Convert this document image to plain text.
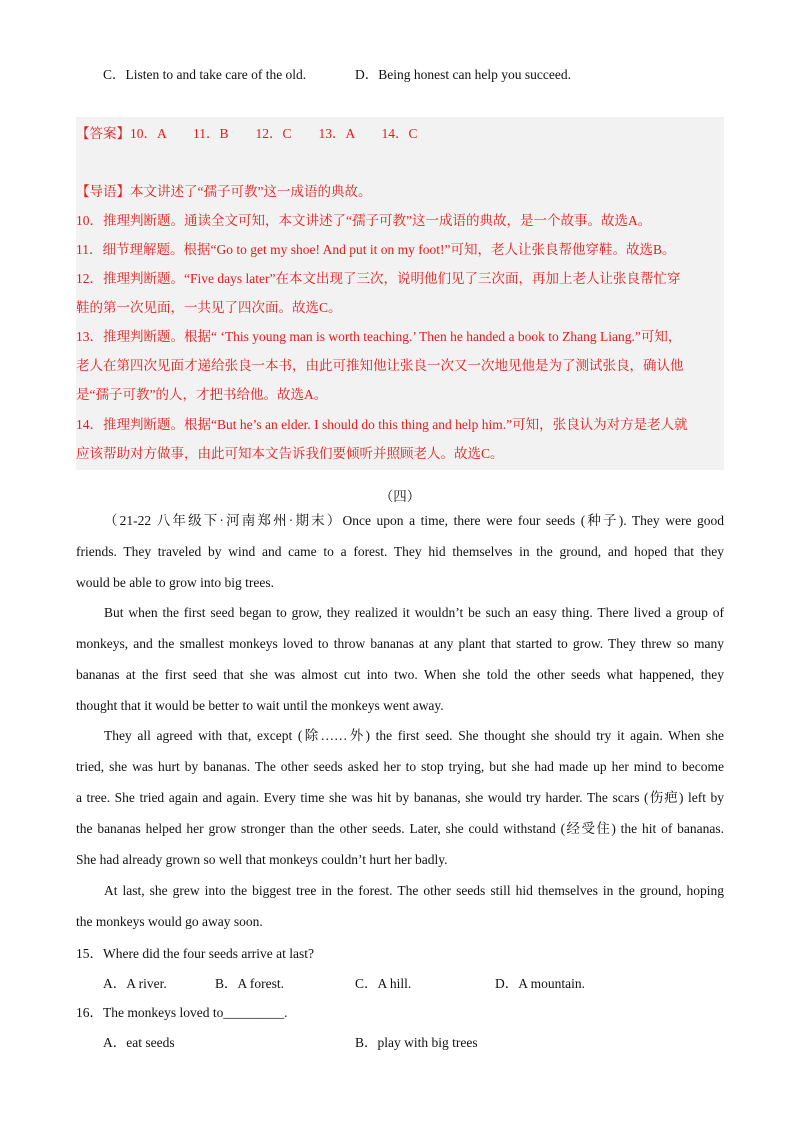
C．Listen to and take care of the old.	D．Being honest can help you succeed.
【答案】10．A　　11．B　　12．C　　13．A　　14．C
【导语】本文讲述了“孺子可教”这一成语的典故。
10．推理判断题。通读全文可知，本文讲述了“孺子可教”这一成语的典故，是一个故事。故选A。
11．细节理解题。根据“Go to get my shoe! And put it on my foot!”可知，老人让张良帮他穿鞋。故选B。
12．推理判断题。“Five days later”在本文出现了三次，说明他们见了三次面，再加上老人让张良帮忙穿
鞋的第一次见面，一共见了四次面。故选C。
13．推理判断题。根据“ ‘This young man is worth teaching.’ Then he handed a book to Zhang Liang.”可知，
老人在第四次见面才递给张良一本书，由此可推知他让张良一次又一次地见他是为了测试张良，确认他
是“孺子可教”的人，才把书给他。故选A。
14．推理判断题。根据“But he’s an elder. I should do this thing and help him.”可知，张良认为对方是老人就
应该帮助对方做事，由此可知本文告诉我们要倾听并照顾老人。故选C。
（四）
（21-22 八年级下·河南郑州·期末）Once upon a time, there were four seeds (种子). They were good
friends. They traveled by wind and came to a forest. They hid themselves in the ground, and hoped that they
would be able to grow into big trees.
But when the first seed began to grow, they realized it wouldn’t be such an easy thing. There lived a group of
monkeys, and the smallest monkeys loved to throw bananas at any plant that started to grow. They threw so many
bananas at the first seed that she was almost cut into two. When she told the other seeds what happened, they
thought that it would be better to wait until the monkeys went away.
They all agreed with that, except (除……外) the first seed. She thought she should try it again. When she
tried, she was hurt by bananas. The other seeds asked her to stop trying, but she had made up her mind to become
a tree. She tried again and again. Every time she was hit by bananas, she would try harder. The scars (伤疤) left by
the bananas helped her grow stronger than the other seeds. Later, she could withstand (经受住) the hit of bananas.
She had already grown so well that monkeys couldn’t hurt her badly.
At last, she grew into the biggest tree in the forest. The other seeds still hid themselves in the ground, hoping
the monkeys would go away soon.
15．Where did the four seeds arrive at last?
A．A river.	B．A forest.	C．A hill.	D．A mountain.
16．The monkeys loved to_________.
A．eat seeds	B．play with big trees
